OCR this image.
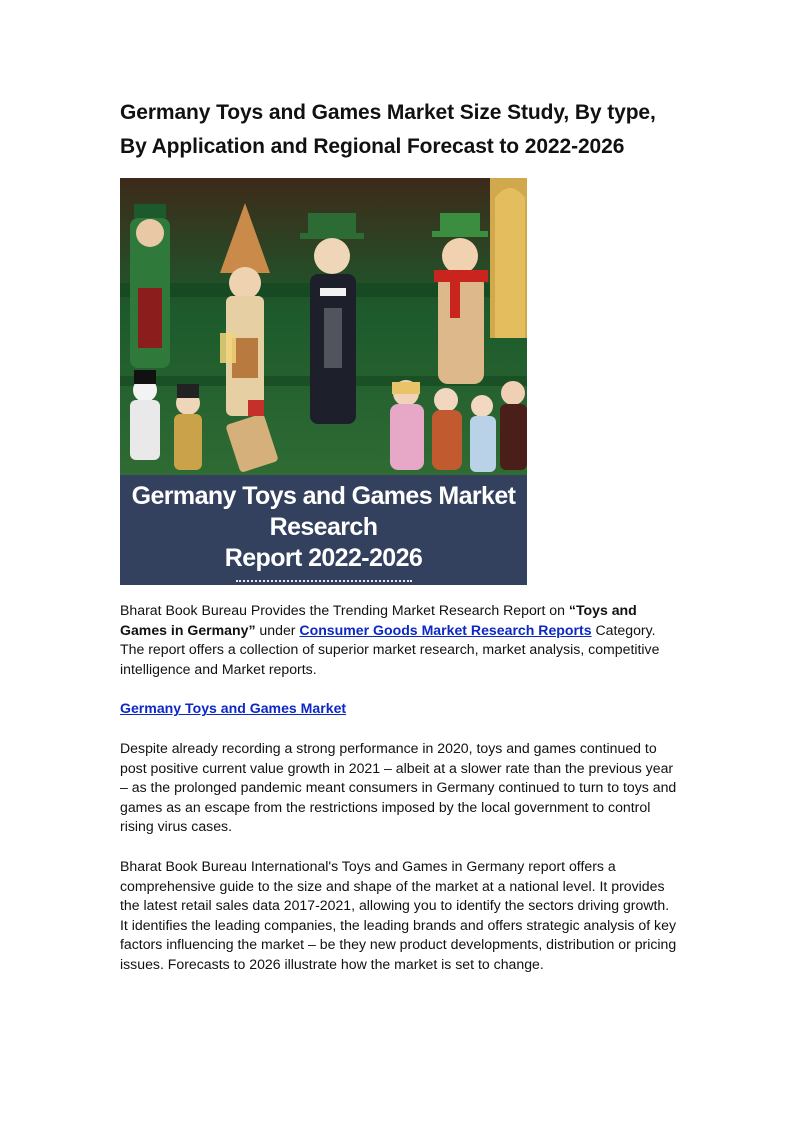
Germany Toys and Games Market Size Study, By type,
By Application and Regional Forecast to 2022-2026
Germany Toys and Games Market Research
Report 2022-2026

Bharat Book Bureau Provides the Trending Market Research Report on “Toys and Games in Germany” under Consumer Goods Market Research Reports Category. The report offers a collection of superior market research, market analysis, competitive intelligence and Market reports.

Germany Toys and Games Market

Despite already recording a strong performance in 2020, toys and games continued to post positive current value growth in 2021 – albeit at a slower rate than the previous year – as the prolonged pandemic meant consumers in Germany continued to turn to toys and games as an escape from the restrictions imposed by the local government to control rising virus cases.

Bharat Book Bureau International's Toys and Games in Germany report offers a comprehensive guide to the size and shape of the market at a national level. It provides the latest retail sales data 2017-2021, allowing you to identify the sectors driving growth. It identifies the leading companies, the leading brands and offers strategic analysis of key factors influencing the market – be they new product developments, distribution or pricing issues. Forecasts to 2026 illustrate how the market is set to change.
